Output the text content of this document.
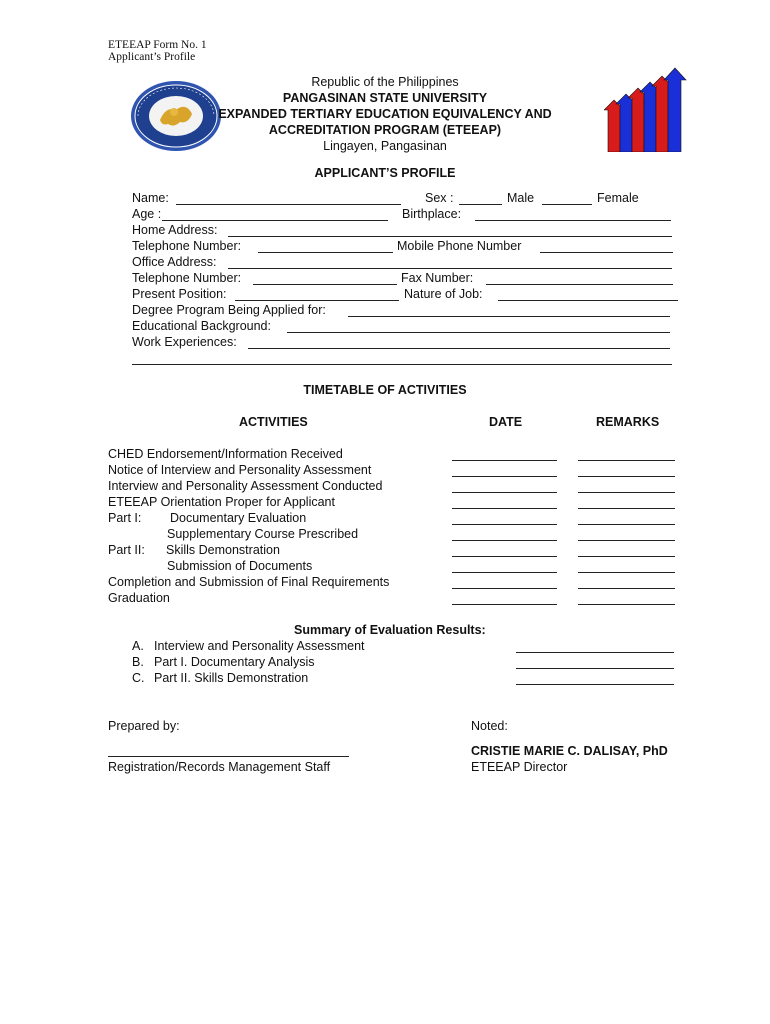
ETEEAP Form No. 1
Applicant’s Profile
Republic of the Philippines
PANGASINAN STATE UNIVERSITY
EXPANDED TERTIARY EDUCATION EQUIVALENCY AND
ACCREDITATION PROGRAM (ETEEAP)
Lingayen, Pangasinan
APPLICANT’S PROFILE
Name:	Sex :	Male	Female
Age :	Birthplace:
Home Address:
Telephone Number:	Mobile Phone Number
Office Address:
Telephone Number:	Fax Number:
Present Position:	Nature of Job:
Degree Program Being Applied for:
Educational Background:
Work Experiences:
TIMETABLE OF ACTIVITIES
ACTIVITIES	DATE	REMARKS
CHED Endorsement/Information Received
Notice of Interview and Personality Assessment
Interview and Personality Assessment Conducted
ETEEAP Orientation Proper for Applicant
Part I: Documentary Evaluation
Supplementary Course Prescribed
Part II: Skills Demonstration
Submission of Documents
Completion and Submission of Final Requirements
Graduation
Summary of Evaluation Results:
A. Interview and Personality Assessment
B. Part I. Documentary Analysis
C. Part II. Skills Demonstration
Prepared by:
Registration/Records Management Staff
Noted:
CRISTIE MARIE C. DALISAY, PhD
ETEEAP Director
